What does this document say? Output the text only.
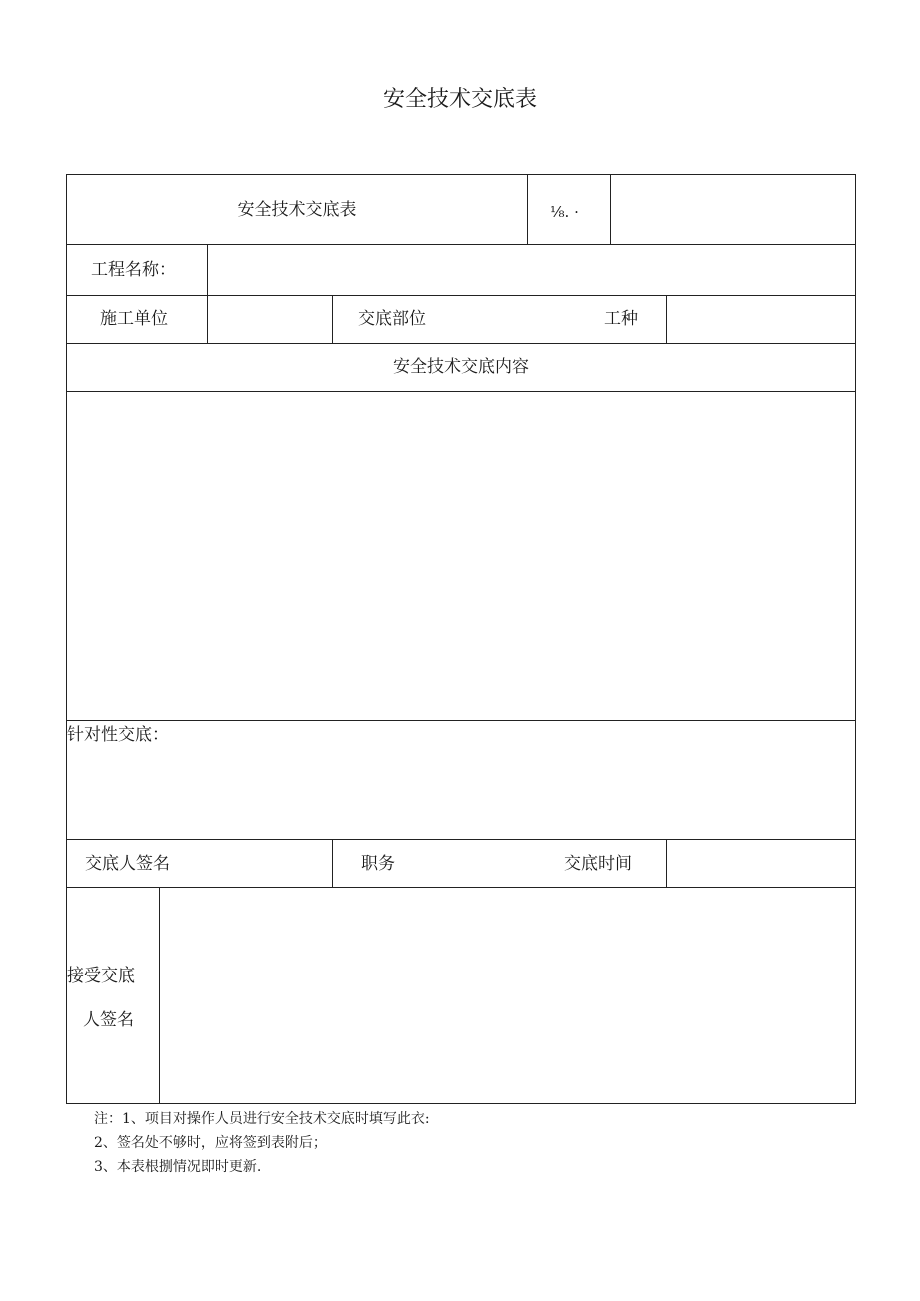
安全技术交底表
安全技术交底表	⅛. ·
工程名称：
施工单位	交底部位	工种
安全技术交底内容
针对性交底：
交底人签名	职务	交底时间
接受交底
人签名
注：1、项目对操作人员进行安全技术交底时填写此衣:
2、签名处不够时，应将签到表附后；
3、本表根捌情况即时更新.
